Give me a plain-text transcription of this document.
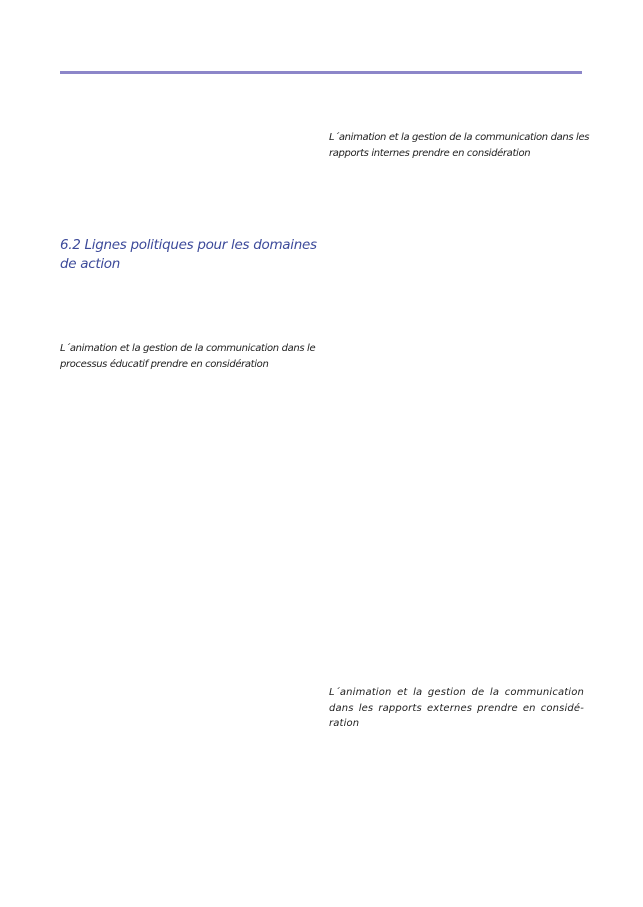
L´animation et la gestion de la communication dans les rapports internes prendre en considération

6.2 Lignes politiques pour les domaines de action

L´animation et la gestion de la communication dans le processus éducatif prendre en considération

L´animation et la gestion de la communication dans les rapports externes prendre en considé-ration
